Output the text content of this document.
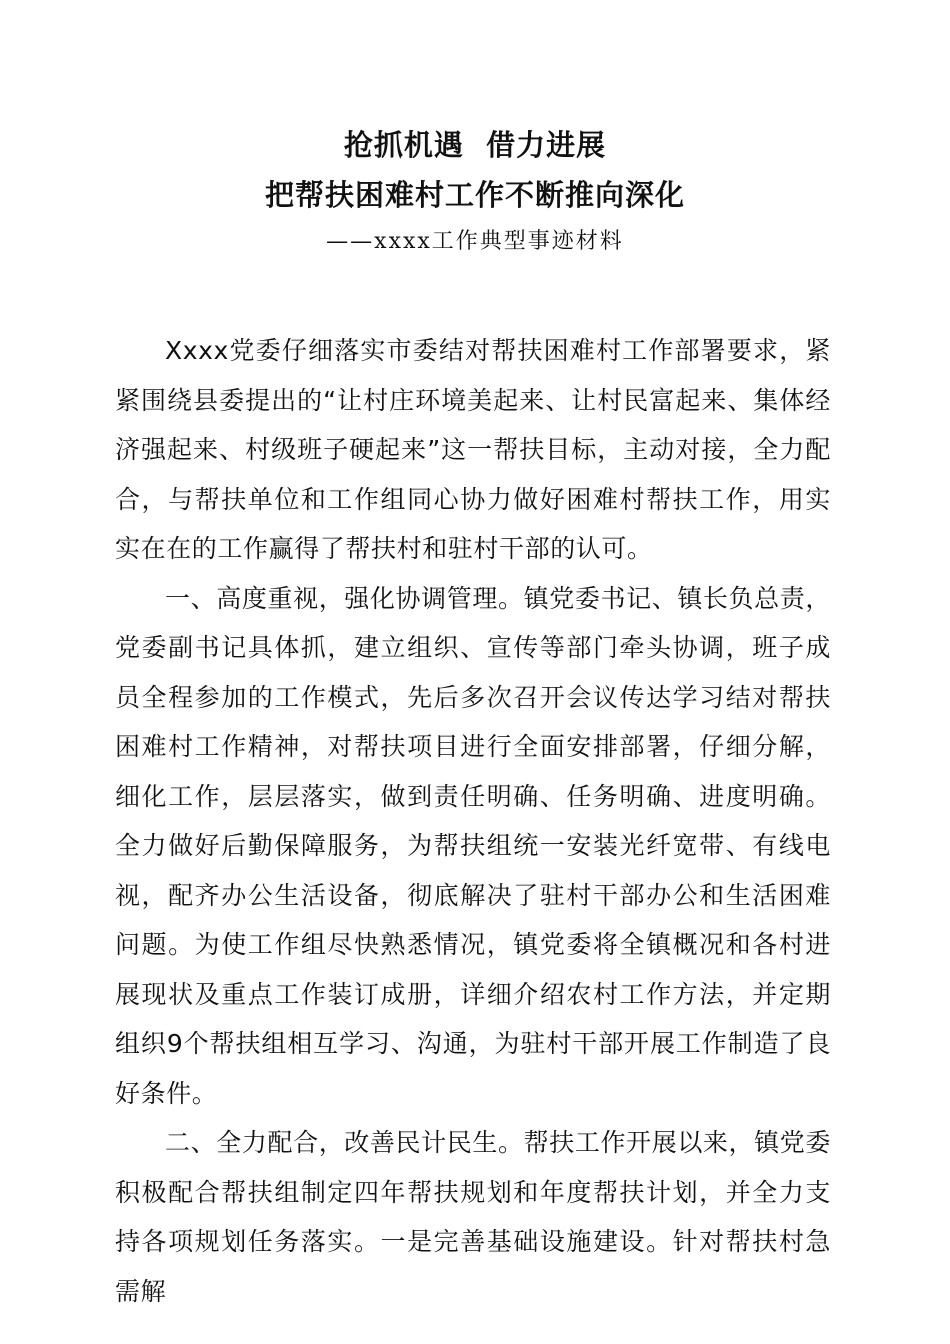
抢抓机遇  借力进展
把帮扶困难村工作不断推向深化
——xxxx工作典型事迹材料

Xxxx党委仔细落实市委结对帮扶困难村工作部署要求，紧紧围绕县委提出的“让村庄环境美起来、让村民富起来、集体经济强起来、村级班子硬起来”这一帮扶目标，主动对接，全力配合，与帮扶单位和工作组同心协力做好困难村帮扶工作，用实实在在的工作赢得了帮扶村和驻村干部的认可。

一、高度重视，强化协调管理。镇党委书记、镇长负总责，党委副书记具体抓，建立组织、宣传等部门牵头协调，班子成员全程参加的工作模式，先后多次召开会议传达学习结对帮扶困难村工作精神，对帮扶项目进行全面安排部署，仔细分解，细化工作，层层落实，做到责任明确、任务明确、进度明确。全力做好后勤保障服务，为帮扶组统一安装光纤宽带、有线电视，配齐办公生活设备，彻底解决了驻村干部办公和生活困难问题。为使工作组尽快熟悉情况，镇党委将全镇概况和各村进展现状及重点工作装订成册，详细介绍农村工作方法，并定期组织9个帮扶组相互学习、沟通，为驻村干部开展工作制造了良好条件。

二、全力配合，改善民计民生。帮扶工作开展以来，镇党委积极配合帮扶组制定四年帮扶规划和年度帮扶计划，并全力支持各项规划任务落实。一是完善基础设施建设。针对帮扶村急需解
